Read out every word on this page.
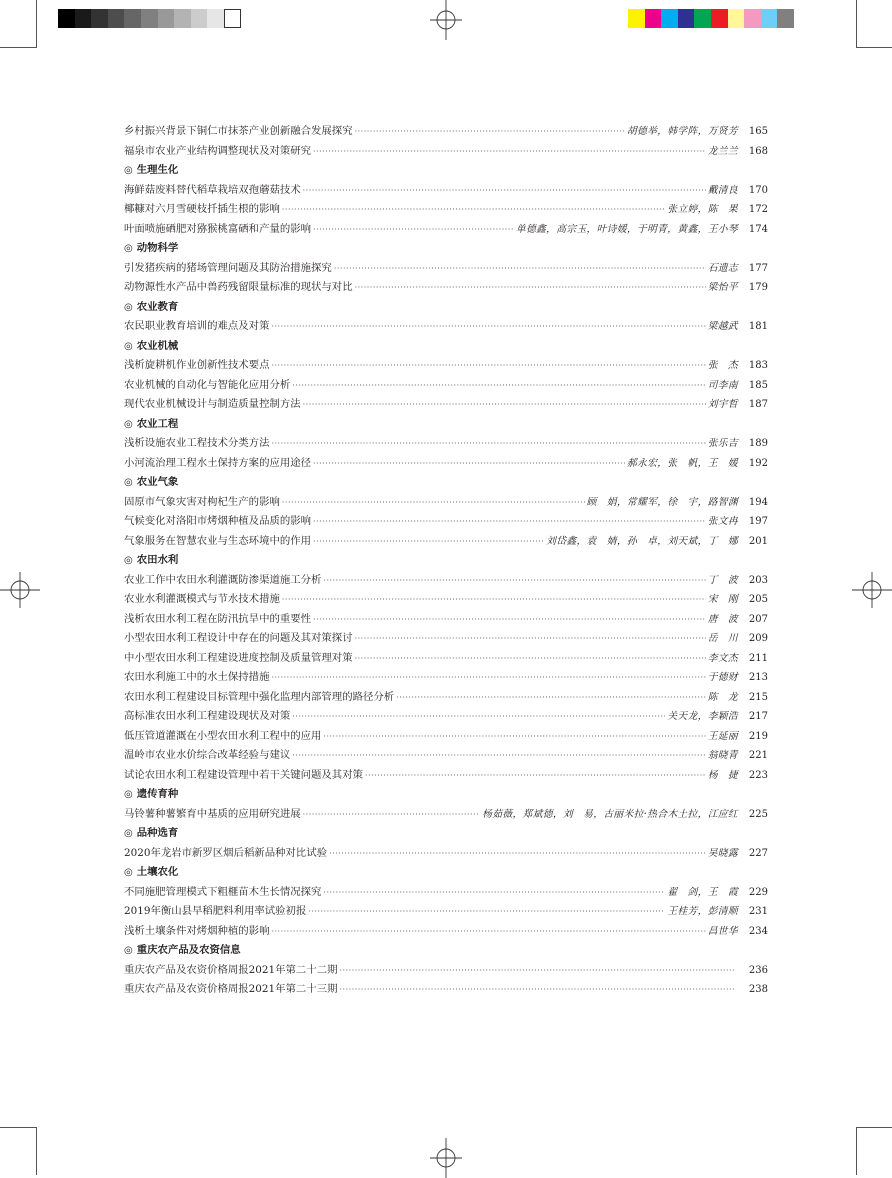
乡村振兴背景下铜仁市抹茶产业创新融合发展探究 ·····	胡德举，韩学阵，万贤芳	165
福泉市农业产业结构调整现状及对策研究 ·····	龙兰兰	168
◎ 生理生化
海鲜菇废料替代稻草栽培双孢蘑菇技术 ·····	戴清良	170
椰糠对六月雪硬枝扦插生根的影响 ·····	张立婷，陈　果	172
叶面喷施硒肥对猕猴桃富硒和产量的影响 ·····	单德鑫，高宗玉，叶诗媛，于明青，黄鑫，王小琴	174
◎ 动物科学
引发猪疾病的猪场管理问题及其防治措施探究 ·····	石遗志	177
动物源性水产品中兽药残留限量标准的现状与对比 ·····	梁怡平	179
◎ 农业教育
农民职业教育培训的难点及对策 ·····	梁越武	181
◎ 农业机械
浅析旋耕机作业创新性技术要点 ·····	张　杰	183
农业机械的自动化与智能化应用分析 ·····	司李南	185
现代农业机械设计与制造质量控制方法 ·····	刘宇哲	187
◎ 农业工程
浅析设施农业工程技术分类方法 ·····	张乐吉	189
小河流治理工程水土保持方案的应用途径 ·····	郝永宏，张　帆，王　媛	192
◎ 农业气象
固原市气象灾害对枸杞生产的影响 ·····	顾　娟，常耀军，徐　宇，路智渊	194
气候变化对洛阳市烤烟种植及品质的影响 ·····	张文冉	197
气象服务在智慧农业与生态环境中的作用 ·····	刘岱鑫，袁　婧，孙　卓，刘天斌，丁　娜	201
◎ 农田水利
农业工作中农田水利灌溉防渗渠道施工分析 ·····	丁　波	203
农业水利灌溉模式与节水技术措施 ·····	宋　刚	205
浅析农田水利工程在防汛抗旱中的重要性 ·····	唐　波	207
小型农田水利工程设计中存在的问题及其对策探讨 ·····	岳　川	209
中小型农田水利工程建设进度控制及质量管理对策 ·····	李文杰	211
农田水利施工中的水土保持措施 ·····	于德财	213
农田水利工程建设目标管理中强化监理内部管理的路径分析 ·····	陈　龙	215
高标准农田水利工程建设现状及对策 ·····	关天龙，李颖浩	217
低压管道灌溉在小型农田水利工程中的应用 ·····	王延丽	219
温岭市农业水价综合改革经验与建议 ·····	翁晓青	221
试论农田水利工程建设管理中若干关键问题及其对策 ·····	杨　捷	223
◎ 遗传育种
马铃薯种薯繁育中基质的应用研究进展 ·····	杨茹薇，郑斌德，刘　易，古丽米拉·热合木土拉，江应红	225
◎ 品种选育
2020年龙岩市新罗区烟后稻新品种对比试验 ·····	吴晓露	227
◎ 土壤农化
不同施肥管理模式下粗榧苗木生长情况探究 ·····	翟　剑，王　霞	229
2019年衡山县早稻肥料利用率试验初报 ·····	王桂芳，彭清顺	231
浅析土壤条件对烤烟种植的影响 ·····	昌世华	234
◎ 重庆农产品及农资信息
重庆农产品及农资价格周报2021年第二十二期 ·····	236
重庆农产品及农资价格周报2021年第二十三期 ·····	238
